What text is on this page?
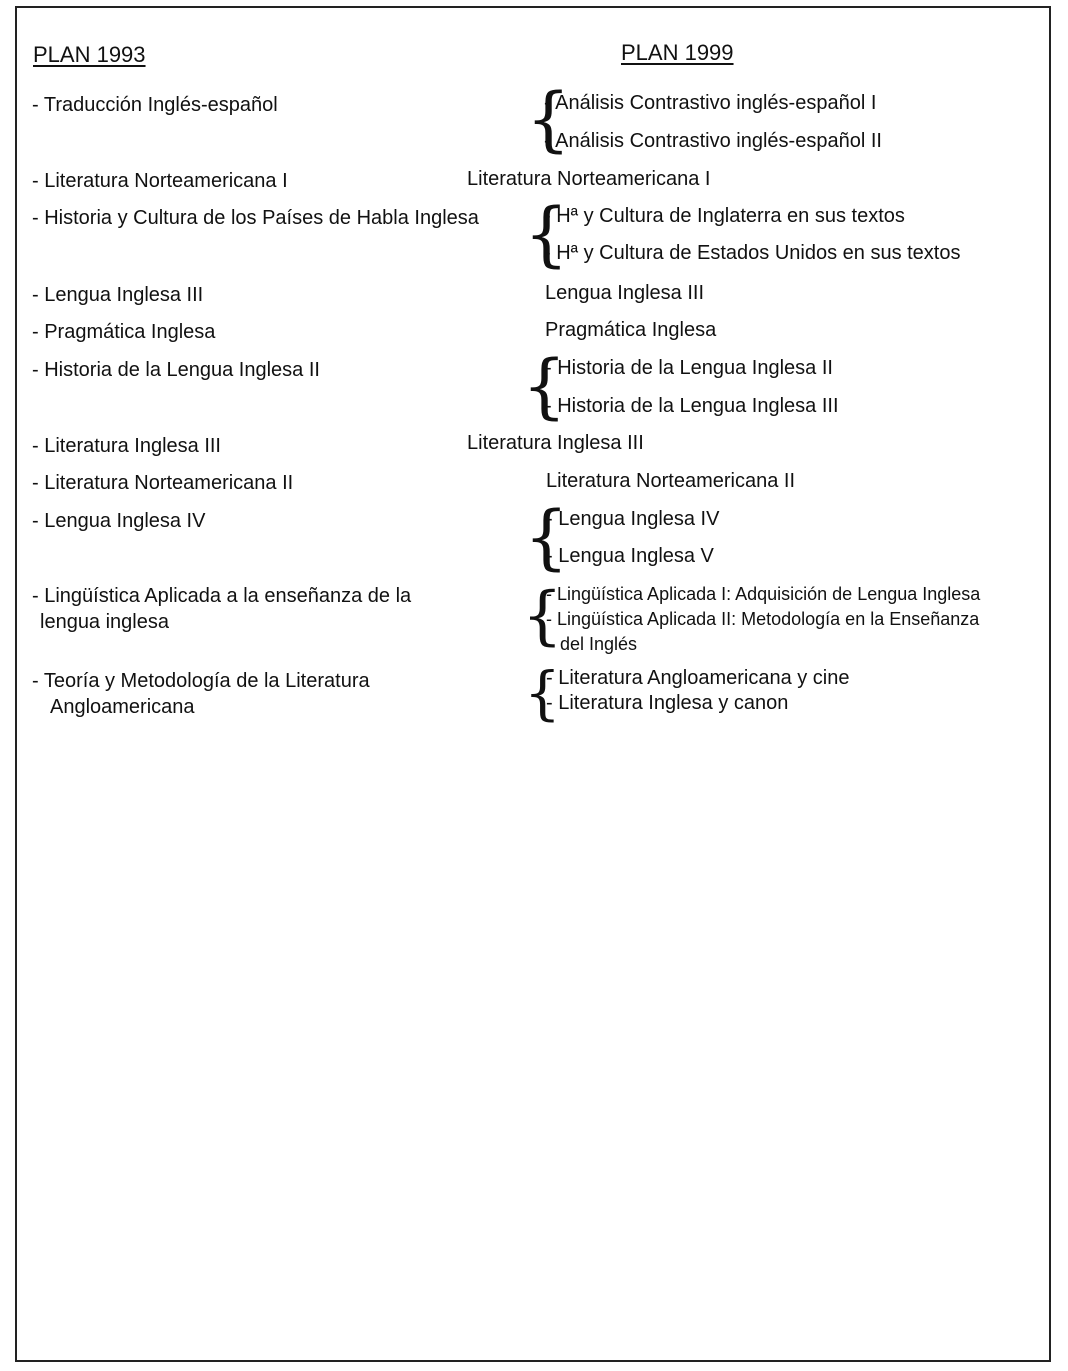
PLAN 1993	PLAN 1999
- Traducción Inglés-español
- Literatura Norteamericana I
- Historia y Cultura de los Países de Habla Inglesa
- Lengua Inglesa III
- Pragmática Inglesa
- Historia de la Lengua Inglesa II
- Literatura Inglesa III
- Literatura Norteamericana II
- Lengua Inglesa IV
- Lingüística Aplicada a la enseñanza de la
lengua inglesa
- Teoría y Metodología de la Literatura
Angloamericana
{
- Análisis Contrastivo inglés-español I
- Análisis Contrastivo inglés-español II
Literatura Norteamericana I
{
- Hª y Cultura de Inglaterra en sus textos
- Hª y Cultura de Estados Unidos en sus textos
Lengua Inglesa III
Pragmática Inglesa
{
- Historia de la Lengua Inglesa II
- Historia de la Lengua Inglesa III
Literatura Inglesa III
Literatura Norteamericana II
{
- Lengua Inglesa IV
- Lengua Inglesa V
{
- Lingüística Aplicada I: Adquisición de Lengua Inglesa
- Lingüística Aplicada II: Metodología en la Enseñanza
del Inglés
{
- Literatura Angloamericana y cine
- Literatura Inglesa y canon
